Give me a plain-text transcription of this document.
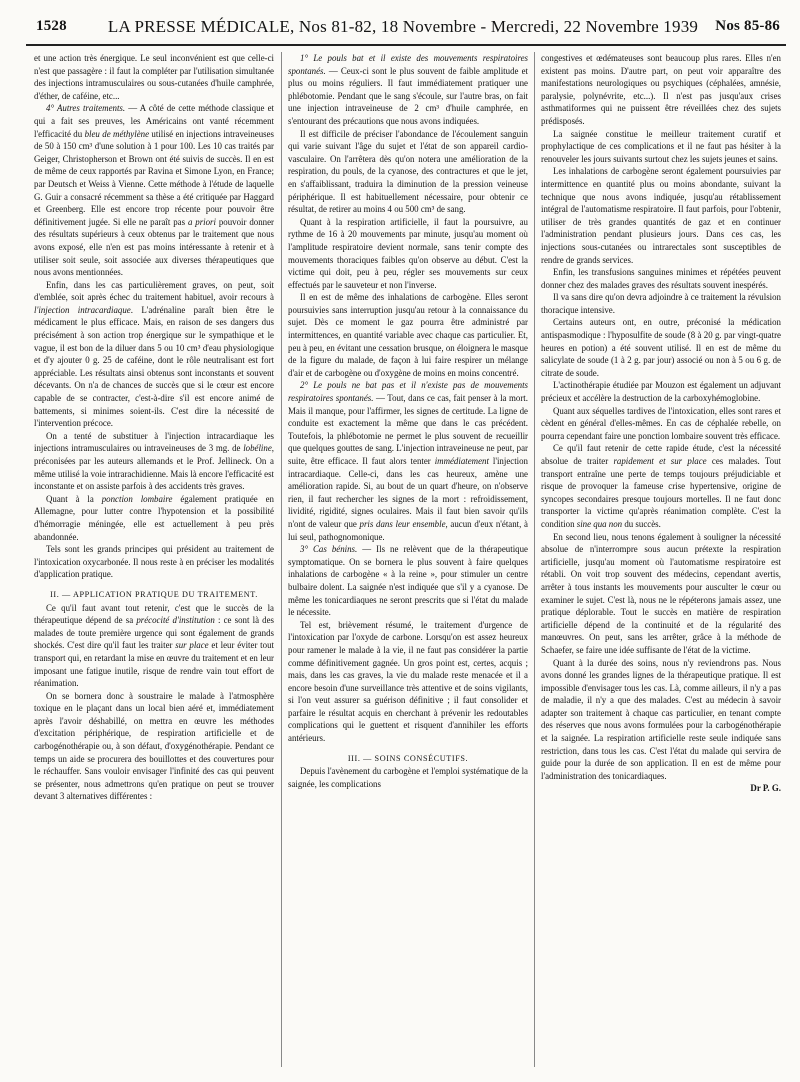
1528	LA PRESSE MÉDICALE, Nos 81-82, 18 Novembre - Mercredi, 22 Novembre 1939	Nos 85-86

et une action très énergique. Le seul inconvénient est que celle-ci n'est que passagère : il faut la compléter par l'utilisation simultanée des injections intramusculaires ou sous-cutanées d'huile camphrée, d'éther, de caféine, etc...

4° Autres traitements. — A côté de cette méthode classique et qui a fait ses preuves, les Américains ont vanté récemment l'efficacité du bleu de méthylène utilisé en injections intraveineuses de 50 à 150 cm³ d'une solution à 1 pour 100. Les 10 cas traités par Geiger, Christopherson et Brown ont été suivis de succès. Il en est de même de ceux rapportés par Ravina et Simone Lyon, en France; par Deutsch et Weiss à Vienne. Cette méthode à l'étude de laquelle G. Guir a consacré récemment sa thèse a été critiquée par Haggard et Greenberg. Elle est encore trop récente pour pouvoir être définitivement jugée. Si elle ne paraît pas a priori pouvoir donner des résultats supérieurs à ceux obtenus par le traitement que nous avons exposé, elle n'en est pas moins intéressante à retenir et à utiliser soit seule, soit associée aux diverses thérapeutiques que nous avons mentionnées.

Enfin, dans les cas particulièrement graves, on peut, soit d'emblée, soit après échec du traitement habituel, avoir recours à l'injection intracardiaque. L'adrénaline paraît bien être le médicament le plus efficace. Mais, en raison de ses dangers dus précisément à son action trop énergique sur le sympathique et le vague, il est bon de la diluer dans 5 ou 10 cm³ d'eau physiologique et d'y ajouter 0 g. 25 de caféine, dont le rôle neutralisant est fort appréciable. Les résultats ainsi obtenus sont inconstants et souvent décevants. On n'a de chances de succès que si le cœur est encore capable de se contracter, c'est-à-dire s'il est encore animé de battements, si minimes soient-ils. C'est dire la nécessité de l'intervention précoce.

On a tenté de substituer à l'injection intracardiaque les injections intramusculaires ou intraveineuses de 3 mg. de lobéline, préconisées par les auteurs allemands et le Prof. Jellineck. On a même utilisé la voie intrarachidienne. Mais là encore l'efficacité est inconstante et on assiste parfois à des accidents très graves.

Quant à la ponction lombaire également pratiquée en Allemagne, pour lutter contre l'hypotension et la possibilité d'hémorragie méningée, elle est actuellement à peu près abandonnée.

Tels sont les grands principes qui président au traitement de l'intoxication oxycarbonée. Il nous reste à en préciser les modalités d'application pratique.

II. — APPLICATION PRATIQUE DU TRAITEMENT.

Ce qu'il faut avant tout retenir, c'est que le succès de la thérapeutique dépend de sa précocité d'institution : ce sont là des malades de toute première urgence qui sont également de grands shockés. C'est dire qu'il faut les traiter sur place et leur éviter tout transport qui, en retardant la mise en œuvre du traitement et en leur imposant une fatigue inutile, risque de rendre vain tout effort de réanimation.

On se bornera donc à soustraire le malade à l'atmosphère toxique en le plaçant dans un local bien aéré et, immédiatement après l'avoir déshabillé, on mettra en œuvre les méthodes d'excitation périphérique, de respiration artificielle et de carbogénothérapie ou, à son défaut, d'oxygénothérapie. Pendant ce temps un aide se procurera des bouillottes et des couvertures pour le réchauffer. Sans vouloir envisager l'infinité des cas qui peuvent se présenter, nous admettrons qu'en pratique on peut se trouver devant 3 alternatives différentes :

1° Le pouls bat et il existe des mouvements respiratoires spontanés. — Ceux-ci sont le plus souvent de faible amplitude et plus ou moins réguliers. Il faut immédiatement pratiquer une phlébotomie. Pendant que le sang s'écoule, sur l'autre bras, on fait une injection intraveineuse de 2 cm³ d'huile camphrée, en s'entourant des précautions que nous avons indiquées.

Il est difficile de préciser l'abondance de l'écoulement sanguin qui varie suivant l'âge du sujet et l'état de son appareil cardio-vasculaire. On l'arrêtera dès qu'on notera une amélioration de la respiration, du pouls, de la cyanose, des contractures et que le jet, en s'affaiblissant, traduira la diminution de la pression veineuse périphérique. Il est habituellement nécessaire, pour obtenir ce résultat, de retirer au moins 4 ou 500 cm³ de sang.

Quant à la respiration artificielle, il faut la poursuivre, au rythme de 16 à 20 mouvements par minute, jusqu'au moment où l'amplitude respiratoire devient normale, sans tenir compte des mouvements thoraciques faibles qu'on observe au début. C'est la victime qui doit, peu à peu, régler ses mouvements sur ceux effectués par le sauveteur et non l'inverse.

Il en est de même des inhalations de carbogène. Elles seront poursuivies sans interruption jusqu'au retour à la connaissance du sujet. Dès ce moment le gaz pourra être administré par intermittences, en quantité variable avec chaque cas particulier. Et, peu à peu, en évitant une cessation brusque, on éloignera le masque de la figure du malade, de façon à lui faire respirer un mélange d'air et de carbogène ou d'oxygène de moins en moins concentré.

2° Le pouls ne bat pas et il n'existe pas de mouvements respiratoires spontanés. — Tout, dans ce cas, fait penser à la mort. Mais il manque, pour l'affirmer, les signes de certitude. La ligne de conduite est exactement la même que dans le cas précédent. Toutefois, la phlébotomie ne permet le plus souvent de recueillir que quelques gouttes de sang. L'injection intraveineuse ne peut, par suite, être efficace. Il faut alors tenter immédiatement l'injection intracardiaque. Celle-ci, dans les cas heureux, amène une amélioration rapide. Si, au bout de un quart d'heure, on n'observe rien, il faut rechercher les signes de la mort : refroidissement, lividité, rigidité, signes oculaires. Mais il faut bien savoir qu'ils n'ont de valeur que pris dans leur ensemble, aucun d'eux n'étant, à lui seul, pathognomonique.

3° Cas bénins. — Ils ne relèvent que de la thérapeutique symptomatique. On se bornera le plus souvent à faire quelques inhalations de carbogène « à la reine », pour stimuler un centre bulbaire dolent. La saignée n'est indiquée que s'il y a cyanose. De même les tonicardiaques ne seront prescrits que si l'état du malade le nécessite.

Tel est, brièvement résumé, le traitement d'urgence de l'intoxication par l'oxyde de carbone. Lorsqu'on est assez heureux pour ramener le malade à la vie, il ne faut pas considérer la partie comme définitivement gagnée. Un gros point est, certes, acquis ; mais, dans les cas graves, la vie du malade reste menacée et il a encore besoin d'une surveillance très attentive et de soins vigilants, si l'on veut assurer sa guérison définitive ; il faut consolider et parfaire le résultat acquis en cherchant à prévenir les redoutables complications qui le guettent et risquent d'annihiler les efforts antérieurs.

III. — SOINS CONSÉCUTIFS.

Depuis l'avènement du carbogène et l'emploi systématique de la saignée, les complications

congestives et œdémateuses sont beaucoup plus rares. Elles n'en existent pas moins. D'autre part, on peut voir apparaître des manifestations neurologiques ou psychiques (céphalées, amnésie, paralysie, polynévrite, etc...). Il n'est pas jusqu'aux crises asthmatiformes qui ne puissent être réveillées chez des sujets prédisposés.

La saignée constitue le meilleur traitement curatif et prophylactique de ces complications et il ne faut pas hésiter à la renouveler les jours suivants surtout chez les sujets jeunes et sains.

Les inhalations de carbogène seront également poursuivies par intermittence en quantité plus ou moins abondante, suivant la technique que nous avons indiquée, jusqu'au rétablissement intégral de l'automatisme respiratoire. Il faut parfois, pour l'obtenir, utiliser de très grandes quantités de gaz et en continuer l'administration pendant plusieurs jours. Dans ces cas, les injections sous-cutanées ou intrarectales sont susceptibles de rendre de grands services.

Enfin, les transfusions sanguines minimes et répétées peuvent donner chez des malades graves des résultats souvent inespérés.

Il va sans dire qu'on devra adjoindre à ce traitement la révulsion thoracique intensive.

Certains auteurs ont, en outre, préconisé la médication antispasmodique : l'hyposulfite de soude (8 à 20 g. par vingt-quatre heures en potion) a été souvent utilisé. Il en est de même du salicylate de soude (1 à 2 g. par jour) associé ou non à 5 ou 6 g. de citrate de soude.

L'actinothérapie étudiée par Mouzon est également un adjuvant précieux et accélère la destruction de la carboxyhémoglobine.

Quant aux séquelles tardives de l'intoxication, elles sont rares et cèdent en général d'elles-mêmes. En cas de céphalée rebelle, on pourra cependant faire une ponction lombaire souvent très efficace.

Ce qu'il faut retenir de cette rapide étude, c'est la nécessité absolue de traiter rapidement et sur place ces malades. Tout transport entraîne une perte de temps toujours préjudiciable et risque de provoquer la fameuse crise hypertensive, origine de syncopes secondaires presque toujours mortelles. Il ne faut donc transporter la victime qu'après réanimation complète. C'est la condition sine qua non du succès.

En second lieu, nous tenons également à souligner la nécessité absolue de n'interrompre sous aucun prétexte la respiration artificielle, jusqu'au moment où l'automatisme respiratoire est rétabli. On voit trop souvent des médecins, cependant avertis, arrêter à tous instants les mouvements pour ausculter le cœur ou examiner le sujet. C'est là, nous ne le répéterons jamais assez, une pratique déplorable. Tout le succès en matière de respiration artificielle dépend de la continuité et de la régularité des manœuvres. On peut, sans les arrêter, grâce à la méthode de Schaefer, se faire une idée suffisante de l'état de la victime.

Quant à la durée des soins, nous n'y reviendrons pas. Nous avons donné les grandes lignes de la thérapeutique pratique. Il est impossible d'envisager tous les cas. Là, comme ailleurs, il n'y a pas de maladie, il n'y a que des malades. C'est au médecin à savoir adapter son traitement à chaque cas particulier, en tenant compte des réserves que nous avons formulées pour la carbogénothérapie et la saignée. La respiration artificielle reste seule indiquée sans restriction, dans tous les cas. C'est l'état du malade qui servira de guide pour la durée de son application. Il en est de même pour l'administration des tonicardiaques.

Dr P. G.
